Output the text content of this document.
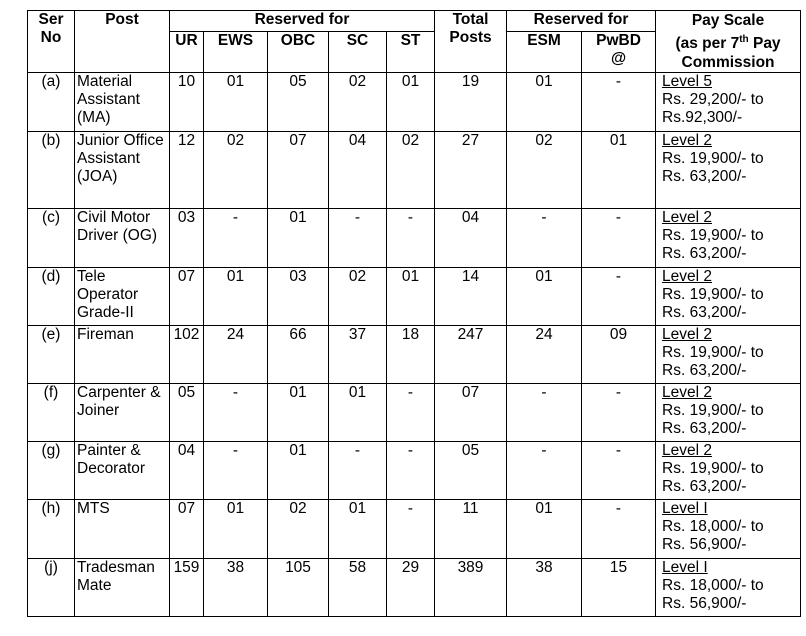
Ser No	Post	Reserved for					Total Posts	Reserved for		Pay Scale
(as per 7th Pay
Commission
		UR	EWS	OBC	SC	ST		ESM	PwBD
@	
(a)	Material Assistant (MA)	10	01	05	02	01	19	01	-	Level 5
Rs. 29,200/- to
Rs.92,300/-

(b)	Junior Office Assistant (JOA)	12	02	07	04	02	27	02	01	Level 2
Rs. 19,900/- to
Rs. 63,200/-

(c)	Civil Motor Driver (OG)	03	-	01	-	-	04	-	-	Level 2
Rs. 19,900/- to
Rs. 63,200/-

(d)	Tele Operator Grade-II	07	01	03	02	01	14	01	-	Level 2
Rs. 19,900/- to
Rs. 63,200/-

(e)	Fireman	102	24	66	37	18	247	24	09	Level 2
Rs. 19,900/- to
Rs. 63,200/-

(f)	Carpenter & Joiner	05	-	01	01	-	07	-	-	Level 2
Rs. 19,900/- to
Rs. 63,200/-

(g)	Painter & Decorator	04	-	01	-	-	05	-	-	Level 2
Rs. 19,900/- to
Rs. 63,200/-

(h)	MTS	07	01	02	01	-	11	01	-	Level I
Rs. 18,000/- to
Rs. 56,900/-

(j)	Tradesman Mate	159	38	105	58	29	389	38	15	Level I
Rs. 18,000/- to
Rs. 56,900/-
